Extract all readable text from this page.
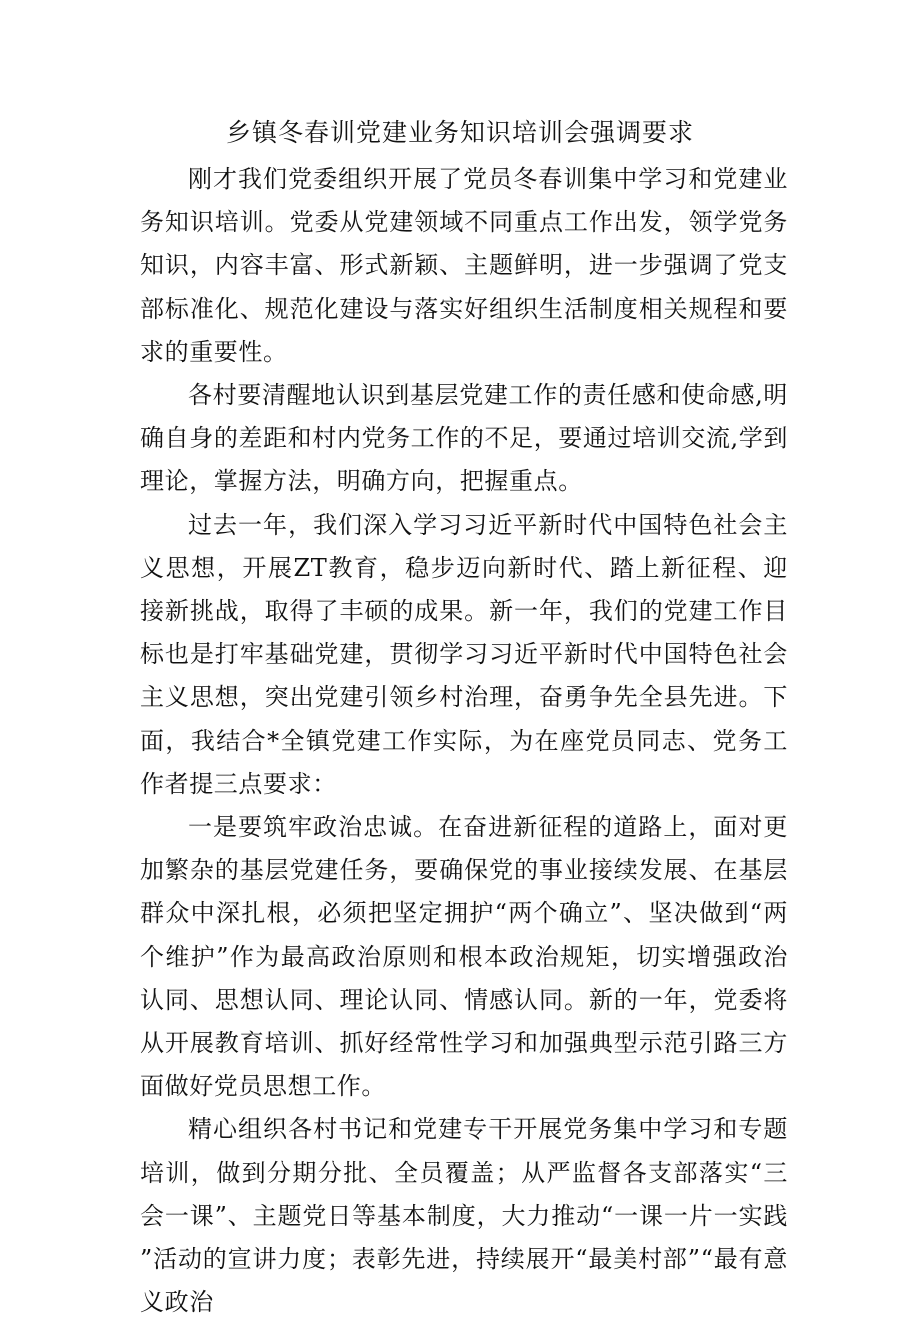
乡镇冬春训党建业务知识培训会强调要求

刚才我们党委组织开展了党员冬春训集中学习和党建业务知识培训。党委从党建领域不同重点工作出发，领学党务知识，内容丰富、形式新颖、主题鲜明，进一步强调了党支部标准化、规范化建设与落实好组织生活制度相关规程和要求的重要性。

各村要清醒地认识到基层党建工作的责任感和使命感,明确自身的差距和村内党务工作的不足，要通过培训交流,学到理论，掌握方法，明确方向，把握重点。

过去一年，我们深入学习习近平新时代中国特色社会主义思想，开展ZT教育，稳步迈向新时代、踏上新征程、迎接新挑战，取得了丰硕的成果。新一年，我们的党建工作目标也是打牢基础党建，贯彻学习习近平新时代中国特色社会主义思想，突出党建引领乡村治理，奋勇争先全县先进。下面，我结合*全镇党建工作实际，为在座党员同志、党务工作者提三点要求：

一是要筑牢政治忠诚。在奋进新征程的道路上，面对更加繁杂的基层党建任务，要确保党的事业接续发展、在基层群众中深扎根，必须把坚定拥护“两个确立”、坚决做到“两个维护”作为最高政治原则和根本政治规矩，切实增强政治认同、思想认同、理论认同、情感认同。新的一年，党委将从开展教育培训、抓好经常性学习和加强典型示范引路三方面做好党员思想工作。

精心组织各村书记和党建专干开展党务集中学习和专题培训，做到分期分批、全员覆盖；从严监督各支部落实“三会一课”、主题党日等基本制度，大力推动“一课一片一实践”活动的宣讲力度；表彰先进，持续展开“最美村部”“最有意义政治
